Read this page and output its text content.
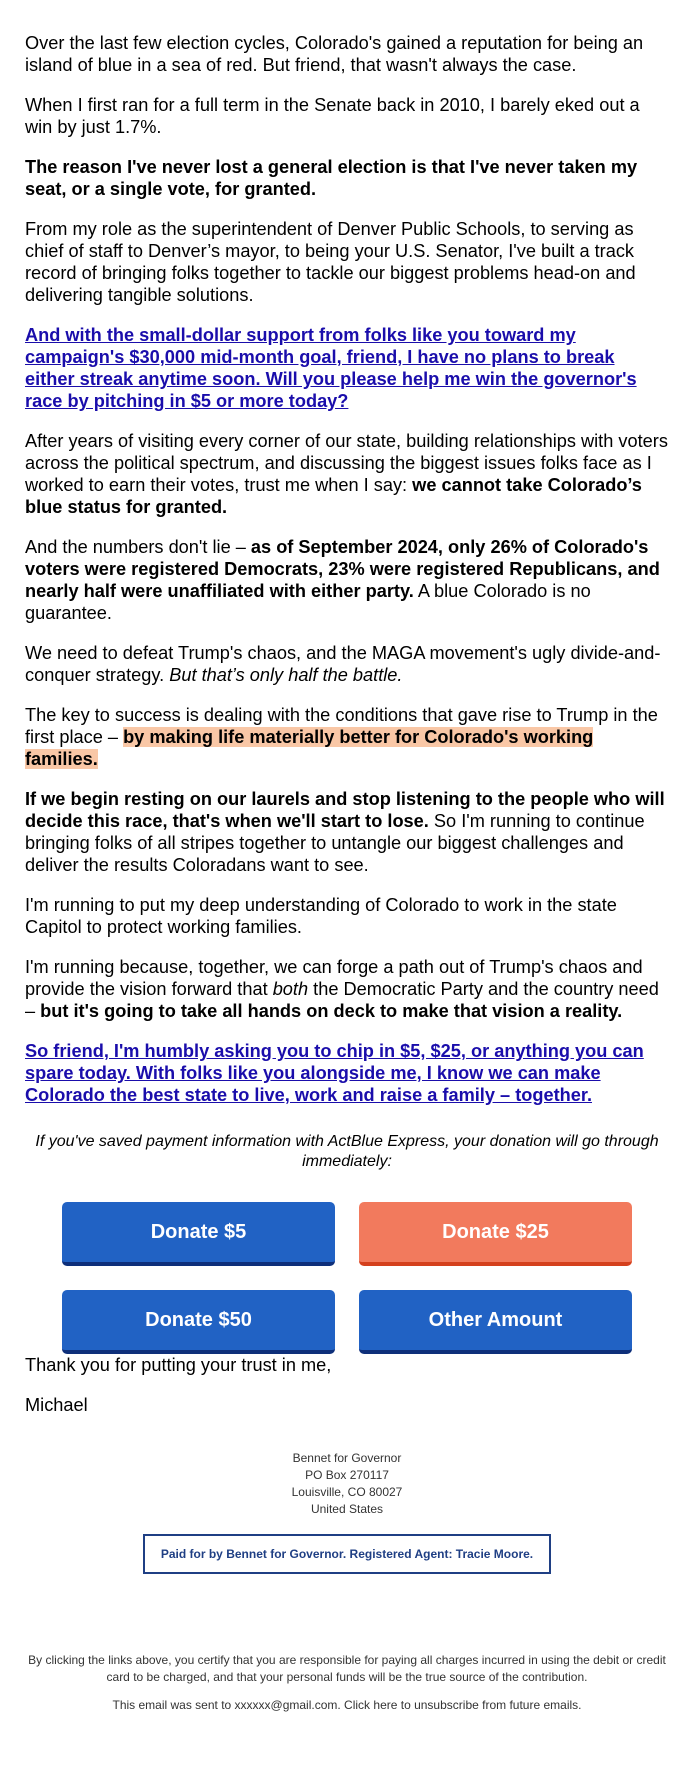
Over the last few election cycles, Colorado's gained a reputation for being an island of blue in a sea of red. But friend, that wasn't always the case.

When I first ran for a full term in the Senate back in 2010, I barely eked out a win by just 1.7%.

The reason I've never lost a general election is that I've never taken my seat, or a single vote, for granted.

From my role as the superintendent of Denver Public Schools, to serving as chief of staff to Denver’s mayor, to being your U.S. Senator, I've built a track record of bringing folks together to tackle our biggest problems head-on and delivering tangible solutions.

And with the small-dollar support from folks like you toward my campaign's $30,000 mid-month goal, friend, I have no plans to break either streak anytime soon. Will you please help me win the governor's race by pitching in $5 or more today?

After years of visiting every corner of our state, building relationships with voters across the political spectrum, and discussing the biggest issues folks face as I worked to earn their votes, trust me when I say: we cannot take Colorado’s blue status for granted.

And the numbers don't lie – as of September 2024, only 26% of Colorado's voters were registered Democrats, 23% were registered Republicans, and nearly half were unaffiliated with either party. A blue Colorado is no guarantee.

We need to defeat Trump's chaos, and the MAGA movement's ugly divide-and-conquer strategy. But that’s only half the battle.

The key to success is dealing with the conditions that gave rise to Trump in the first place – by making life materially better for Colorado's working families.

If we begin resting on our laurels and stop listening to the people who will decide this race, that's when we'll start to lose. So I'm running to continue bringing folks of all stripes together to untangle our biggest challenges and deliver the results Coloradans want to see.

I'm running to put my deep understanding of Colorado to work in the state Capitol to protect working families.

I'm running because, together, we can forge a path out of Trump's chaos and provide the vision forward that both the Democratic Party and the country need – but it's going to take all hands on deck to make that vision a reality.

So friend, I'm humbly asking you to chip in $5, $25, or anything you can spare today. With folks like you alongside me, I know we can make Colorado the best state to live, work and raise a family – together.

If you've saved payment information with ActBlue Express, your donation will go through immediately:
Donate $5	Donate $25
Donate $50	Other Amount

Thank you for putting your trust in me,

Michael

Bennet for Governor
PO Box 270117
Louisville, CO 80027
United States
Paid for by Bennet for Governor. Registered Agent: Tracie Moore.
By clicking the links above, you certify that you are responsible for paying all charges incurred in using the debit or credit card to be charged, and that your personal funds will be the true source of the contribution.
This email was sent to xxxxxx@gmail.com. Click here to unsubscribe from future emails.
